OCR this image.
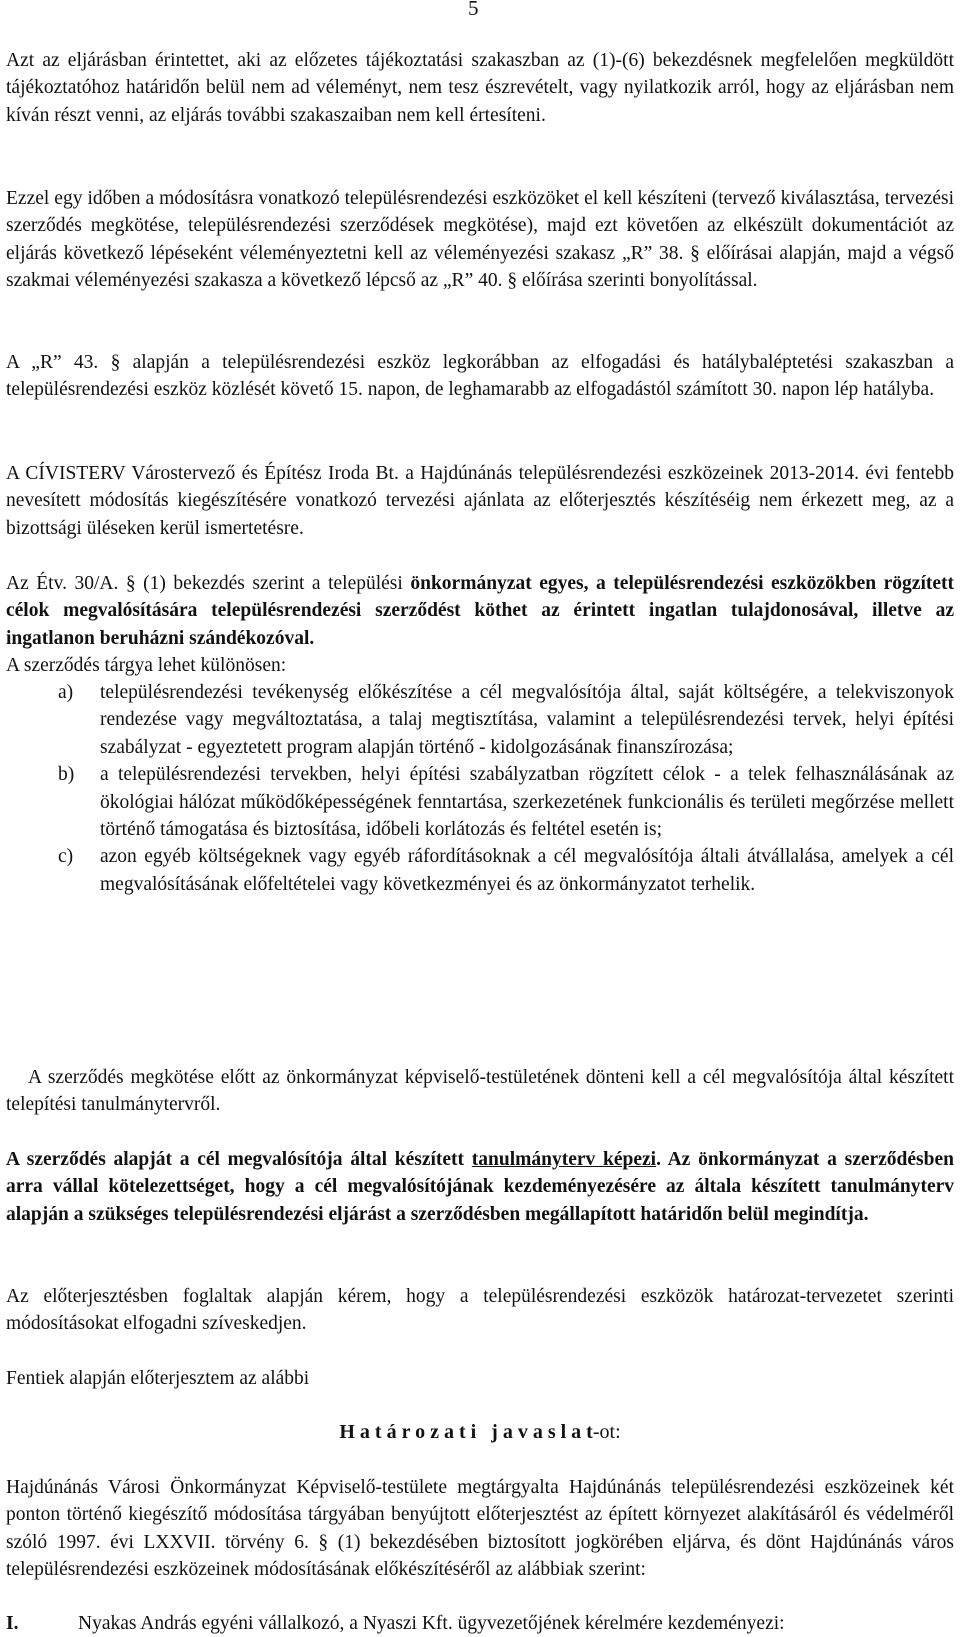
5

Azt az eljárásban érintettet, aki az előzetes tájékoztatási szakaszban az (1)-(6) bekezdésnek megfelelően megküldött tájékoztatóhoz határidőn belül nem ad véleményt, nem tesz észrevételt, vagy nyilatkozik arról, hogy az eljárásban nem kíván részt venni, az eljárás további szakaszaiban nem kell értesíteni.

Ezzel egy időben a módosításra vonatkozó településrendezési eszközöket el kell készíteni (tervező kiválasztása, tervezési szerződés megkötése, településrendezési szerződések megkötése), majd ezt követően az elkészült dokumentációt az eljárás következő lépéseként véleményeztetni kell az véleményezési szakasz „R” 38. § előírásai alapján, majd a végső szakmai véleményezési szakasza a következő lépcső az „R” 40. § előírása szerinti bonyolítással.

A „R” 43. § alapján a településrendezési eszköz legkorábban az elfogadási és hatálybaléptetési szakaszban a településrendezési eszköz közlését követő 15. napon, de leghamarabb az elfogadástól számított 30. napon lép hatályba.

A CÍVISTERV Várostervező és Építész Iroda Bt. a Hajdúnánás településrendezési eszközeinek 2013-2014. évi fentebb nevesített módosítás kiegészítésére vonatkozó tervezési ajánlata az előterjesztés készítéséig nem érkezett meg, az a bizottsági üléseken kerül ismertetésre.

Az Étv. 30/A. § (1) bekezdés szerint a települési önkormányzat egyes, a településrendezési eszközökben rögzített célok megvalósítására településrendezési szerződést köthet az érintett ingatlan tulajdonosával, illetve az ingatlanon beruházni szándékozóval.

A szerződés tárgya lehet különösen:

a) településrendezési tevékenység előkészítése a cél megvalósítója által, saját költségére, a telekviszonyok rendezése vagy megváltoztatása, a talaj megtisztítása, valamint a településrendezési tervek, helyi építési szabályzat - egyeztetett program alapján történő - kidolgozásának finanszírozása;
b) a településrendezési tervekben, helyi építési szabályzatban rögzített célok - a telek felhasználásának az ökológiai hálózat működőképességének fenntartása, szerkezetének funkcionális és területi megőrzése mellett történő támogatása és biztosítása, időbeli korlátozás és feltétel esetén is;
c) azon egyéb költségeknek vagy egyéb ráfordításoknak a cél megvalósítója általi átvállalása, amelyek a cél megvalósításának előfeltételei vagy következményei és az önkormányzatot terhelik.

A szerződés megkötése előtt az önkormányzat képviselő-testületének dönteni kell a cél megvalósítója által készített telepítési tanulmánytervről.

A szerződés alapját a cél megvalósítója által készített tanulmányterv képezi. Az önkormányzat a szerződésben arra vállal kötelezettséget, hogy a cél megvalósítójának kezdeményezésére az általa készített tanulmányterv alapján a szükséges településrendezési eljárást a szerződésben megállapított határidőn belül megindítja.

Az előterjesztésben foglaltak alapján kérem, hogy a településrendezési eszközök határozat-tervezetet szerinti módosításokat elfogadni szíveskedjen.

Fentiek alapján előterjesztem az alábbi

H a t á r o z a t i   j a v a s l a t-ot:

Hajdúnánás Városi Önkormányzat Képviselő-testülete megtárgyalta Hajdúnánás településrendezési eszközeinek két ponton történő kiegészítő módosítása tárgyában benyújtott előterjesztést az épített környezet alakításáról és védelméről szóló 1997. évi LXXVII. törvény 6. § (1) bekezdésében biztosított jogkörében eljárva, és dönt Hajdúnánás város településrendezési eszközeinek módosításának előkészítéséről az alábbiak szerint:

I.	Nyakas András egyéni vállalkozó, a Nyaszi Kft. ügyvezetőjének kérelmére kezdeményezi:
